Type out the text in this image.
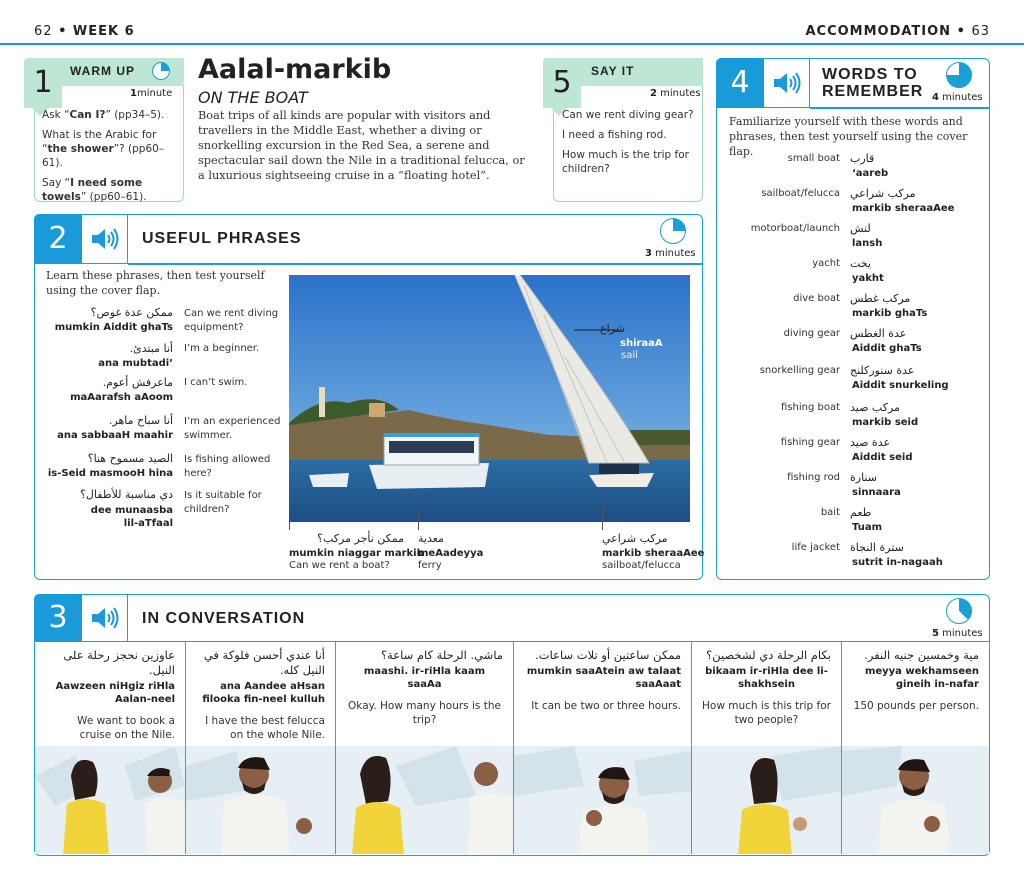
62 • WEEK 6	ACCOMMODATION • 63
1	WARM UP
1minute
Ask “Can I?” (pp34–5).
What is the Arabic for “the shower”? (pp60–61).
Say “I need some towels” (pp60–61).
Aalal-markib
ON THE BOAT
Boat trips of all kinds are popular with visitors and travellers in the Middle East, whether a diving or snorkelling excursion in the Red Sea, a serene and spectacular sail down the Nile in a traditional felucca, or a luxurious sightseeing cruise in a “floating hotel”.
5	SAY IT
2 minutes
Can we rent diving gear?
I need a fishing rod.
How much is the trip for children?
4	WORDS TO
REMEMBER 4 minutes
Familiarize yourself with these words and phrases, then test yourself using the cover flap.
small boat قارب
‘aareb
sailboat/felucca مركب شراعي
markib sheraaAee
motorboat/launch لنش
lansh
yacht يخت
yakht
dive boat مركب غطس
markib ghaTs
diving gear عدة الغطس
Aiddit ghaTs
snorkelling gear عدة سنوركلنج
Aiddit snurkeling
fishing boat مركب صيد
markib seid
fishing gear عدة صيد
Aiddit seid
fishing rod سنارة
sinnaara
bait طعم
Tuam
life jacket سترة النجاة
sutrit in-nagaah
2	USEFUL PHRASES
3 minutes
Learn these phrases, then test yourself using the cover flap.
ممكن عدة غوص؟
mumkin Aiddit ghaTs
Can we rent diving equipment?
أنا مبتدئ.
ana mubtadi’
I’m a beginner.
ماعرفش أعوم.
maAarafsh aAoom
I can’t swim.
أنا سباح ماهر.
ana sabbaaH maahir
I’m an experienced swimmer.
الصيد مسموح هنا؟
is-Seid masmooH hina
Is fishing allowed here?
دي مناسبة للأطفال؟
dee munaasba lil-aTfaal
Is it suitable for children?
شراع
shiraaA
sail
ممكن نأجر مركب؟
mumkin niaggar markib
Can we rent a boat?
معدية
meAadeyya
ferry
مركب شراعي
markib sheraaAee
sailboat/felucca
3	IN CONVERSATION
5 minutes
عاوزين نحجز رحلة على النيل.
Aawzeen niHgiz riHla Aalan-neel
We want to book a cruise on the Nile.
أنا عندي أحسن فلوكة في النيل كله.
ana Aandee aHsan filooka fin-neel kulluh
I have the best felucca on the whole Nile.
ماشي. الرحلة كام ساعة؟
maashi. ir-riHla kaam saaAa
Okay. How many hours is the trip?
ممكن ساعتين أو تلات ساعات.
mumkin saaAtein aw talaat saaAaat
It can be two or three hours.
بكام الرحلة دي لشخصين؟
bikaam ir-riHla dee li-shakhsein
How much is this trip for two people?
مية وخمسين جنيه النفر.
meyya wekhamseen gineih in-nafar
150 pounds per person.
